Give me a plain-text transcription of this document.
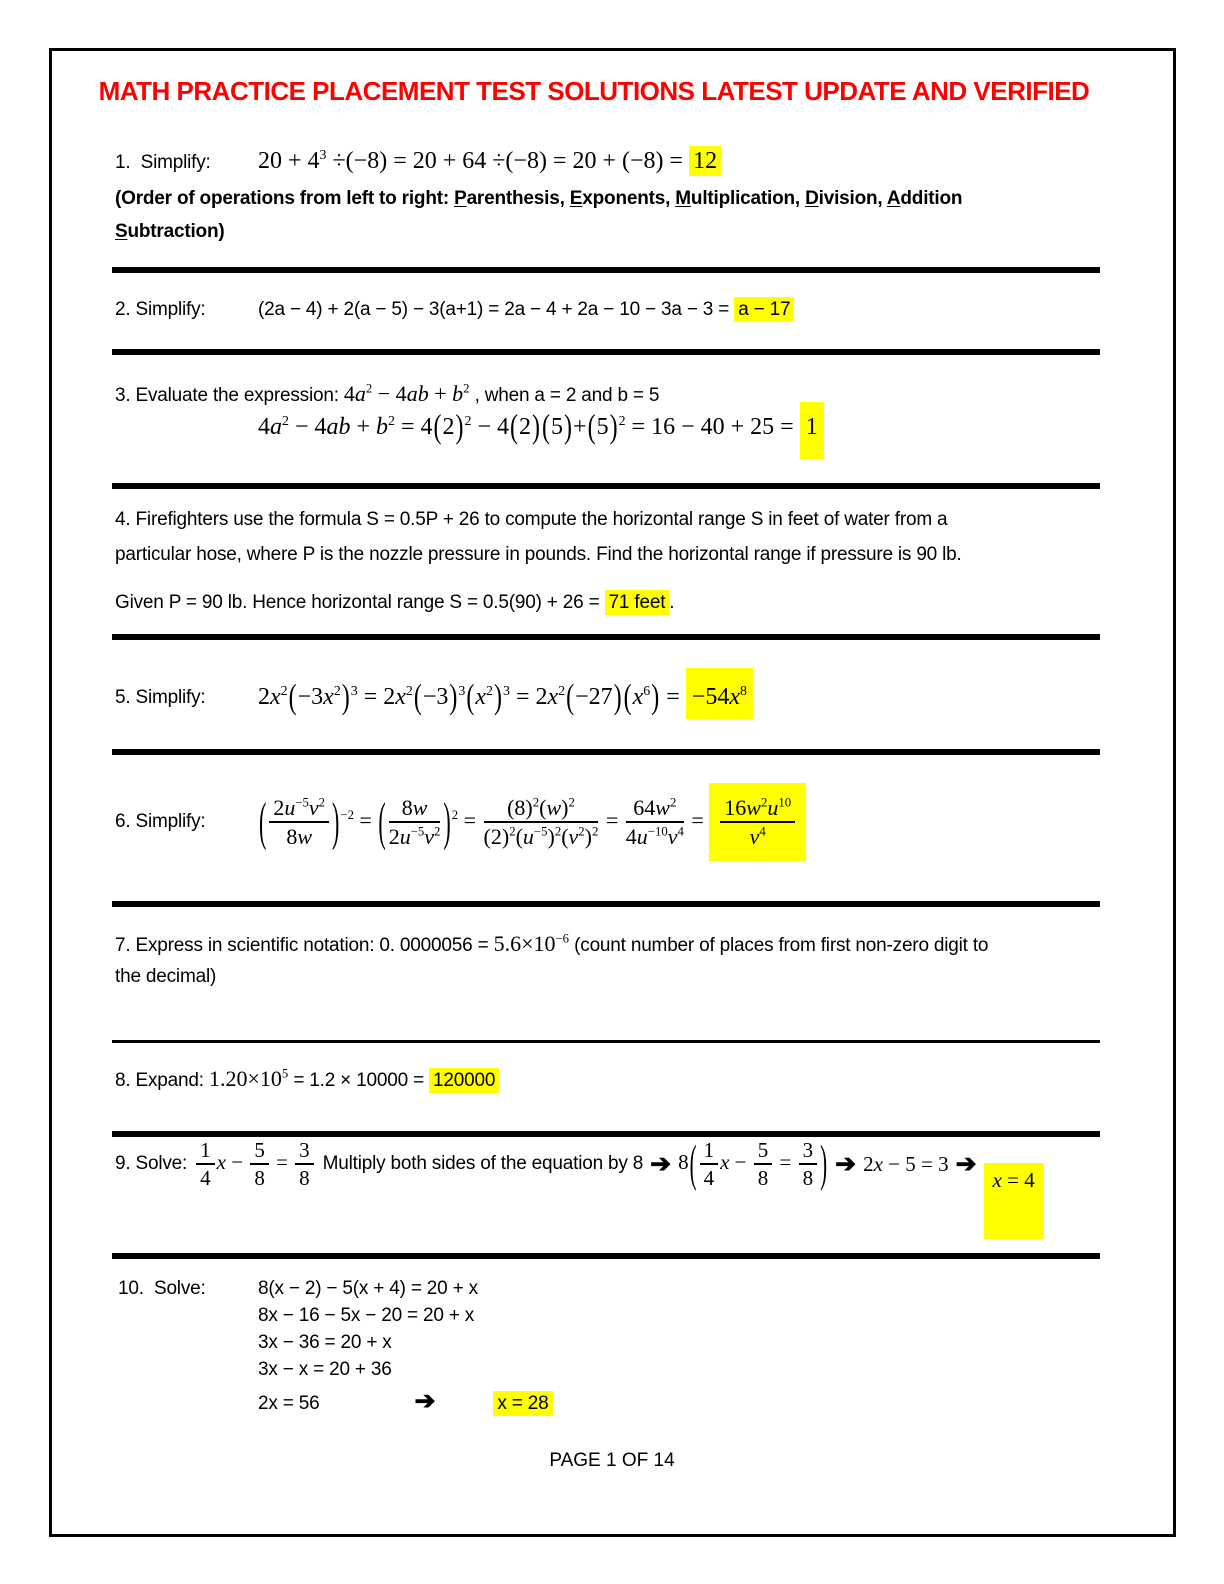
MATH PRACTICE PLACEMENT TEST SOLUTIONS LATEST UPDATE AND VERIFIED
1.  Simplify:	$20 + 4^3 \div(-8) = 20 + 64 \div(-8) = 20 + (-8) = 12$
(Order of operations from left to right: Parenthesis, Exponents, Multiplication, Division, Addition
Subtraction)
2. Simplify:	(2a − 4) + 2(a − 5) − 3(a+1) = 2a − 4 + 2a − 10 − 3a − 3 = a − 17
3. Evaluate the expression: $4a^2 - 4ab + b^2$ , when a = 2 and b = 5
$4a^2 - 4ab + b^2 = 4(2)^2 - 4(2)(5)+(5)^2 = 16 - 40 + 25 = 1$
4. Firefighters use the formula S = 0.5P + 26 to compute the horizontal range S in feet of water from a
particular hose, where P is the nozzle pressure in pounds. Find the horizontal range if pressure is 90 lb.
Given P = 90 lb. Hence horizontal range S = 0.5(90) + 26 = 71 feet .
5. Simplify:	$2x^2(-3x^2)^3 = 2x^2(-3)^3(x^2)^3 = 2x^2(-27)(x^6) = -54x^8$
6. Simplify:	( $\frac{2u^{-5}v^2}{8w} )^{-2}$ = ( $\frac{8w}{2u^{-5}v^2} )^2 = \frac{(8)^2(w)^2}{(2)^2(u^{-5})^2(v^2)^2} = \frac{64w^2}{4u^{-10}v^4} = \frac{16w^2u^{10}}{v^4}$
7. Express in scientific notation: 0. $0000056 = 5.6\times 10^{-6}$ (count number of places from first non-zero digit to
the decimal)
8. Expand: $1.20\times 10^5 = 1.2 \times 10000 = 120000$
9. Solve: $\frac{1}{4}$ $x - \frac{5}{8} = \frac{3}{8}$ Multiply both sides of the equation by 8 ➔ $8( \frac{1}{4}$ $x - \frac{5}{8} = \frac{3}{8}$ ) ➔ 2x − 5 = 3 ➔
x = 4
10.  Solve:	8(x − 2) − 5(x + 4) = 20 + x
8x − 16 − 5x − 20 = 20 + x
3x − 36 = 20 + x
3x − x = 20 + 36
2x = 56	➔	x = 28
PAGE 1 OF 14
